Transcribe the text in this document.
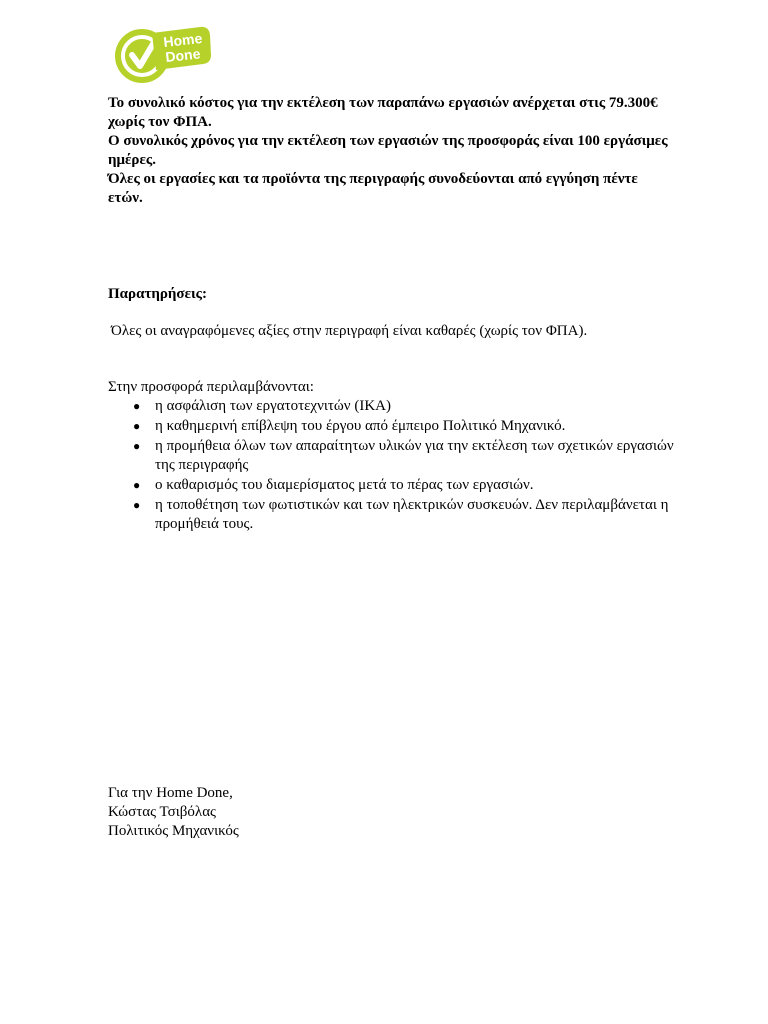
Home
Done

Το συνολικό κόστος για την εκτέλεση των παραπάνω εργασιών ανέρχεται στις 79.300€ χωρίς τον ΦΠΑ.

Ο συνολικός χρόνος για την εκτέλεση των εργασιών της προσφοράς είναι 100 εργάσιμες ημέρες.

Όλες οι εργασίες και τα προϊόντα της περιγραφής συνοδεύονται από εγγύηση πέντε ετών.

Παρατηρήσεις:
Όλες οι αναγραφόμενες αξίες στην περιγραφή είναι καθαρές (χωρίς τον ΦΠΑ).
Στην προσφορά περιλαμβάνονται:
● η ασφάλιση των εργατοτεχνιτών (ΙΚΑ)
● η καθημερινή επίβλεψη του έργου από έμπειρο Πολιτικό Μηχανικό.
● η προμήθεια όλων των απαραίτητων υλικών για την εκτέλεση των σχετικών εργασιών της περιγραφής
● ο καθαρισμός του διαμερίσματος μετά το πέρας των εργασιών.
● η τοποθέτηση των φωτιστικών και των ηλεκτρικών συσκευών. Δεν περιλαμβάνεται η προμήθειά τους.
Για την Home Done,
Κώστας Τσιβόλας
Πολιτικός Μηχανικός
